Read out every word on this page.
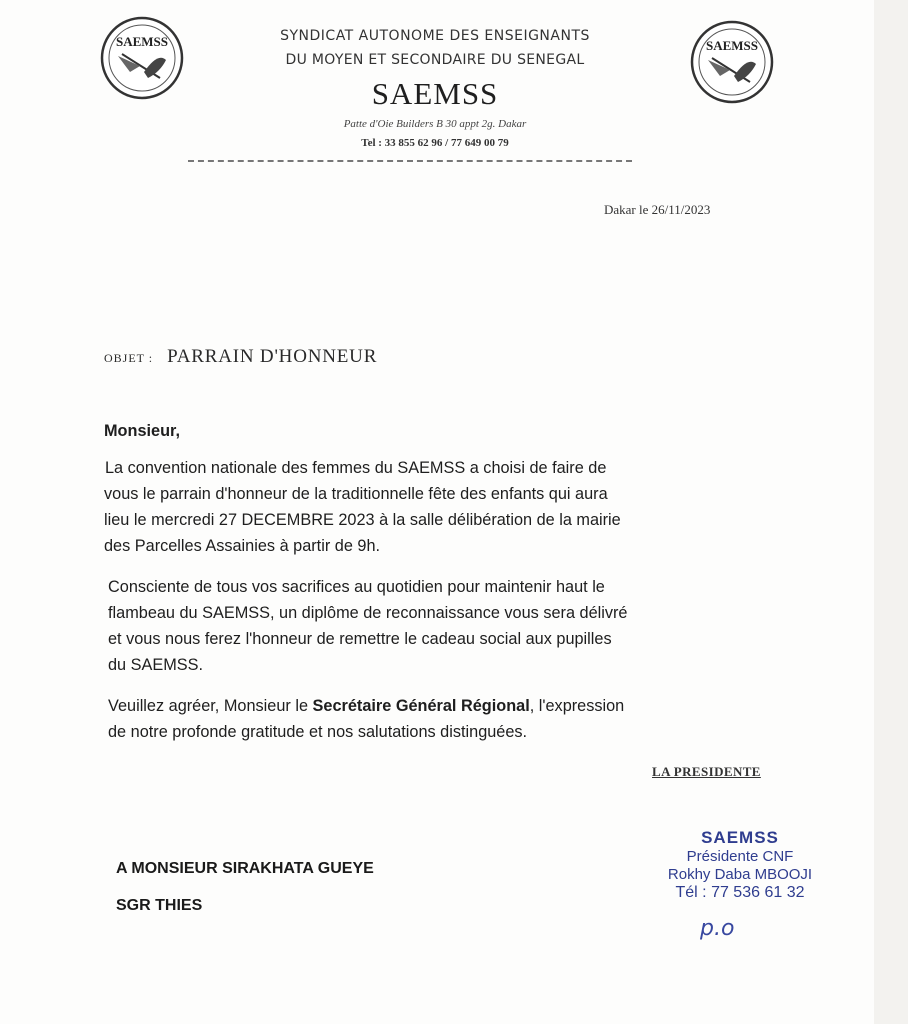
SAEMSS	SAEMSS
SYNDICAT AUTONOME DES ENSEIGNANTS
DU MOYEN ET SECONDAIRE DU SENEGAL
SAEMSS
Patte d'Oie Builders B 30 appt 2g. Dakar
Tel : 33 855 62 96 / 77 649 00 79
Dakar le 26/11/2023
OBJET : PARRAIN D'HONNEUR
Monsieur,
La convention nationale des femmes du SAEMSS a choisi de faire de
vous le parrain d'honneur de la traditionnelle fête des enfants qui aura
lieu le mercredi 27 DECEMBRE 2023 à la salle délibération de la mairie
des Parcelles Assainies à partir de 9h.
Consciente de tous vos sacrifices au quotidien pour maintenir haut le
flambeau du SAEMSS, un diplôme de reconnaissance vous sera délivré
et vous nous ferez l'honneur de remettre le cadeau social aux pupilles
du SAEMSS.
Veuillez agréer, Monsieur le Secrétaire Général Régional, l'expression
de notre profonde gratitude et nos salutations distinguées.
LA PRESIDENTE
A MONSIEUR SIRAKHATA GUEYE
SGR THIES
SAEMSS
Présidente CNF
Rokhy Daba MBOOJI
Tél : 77 536 61 32
p.o
